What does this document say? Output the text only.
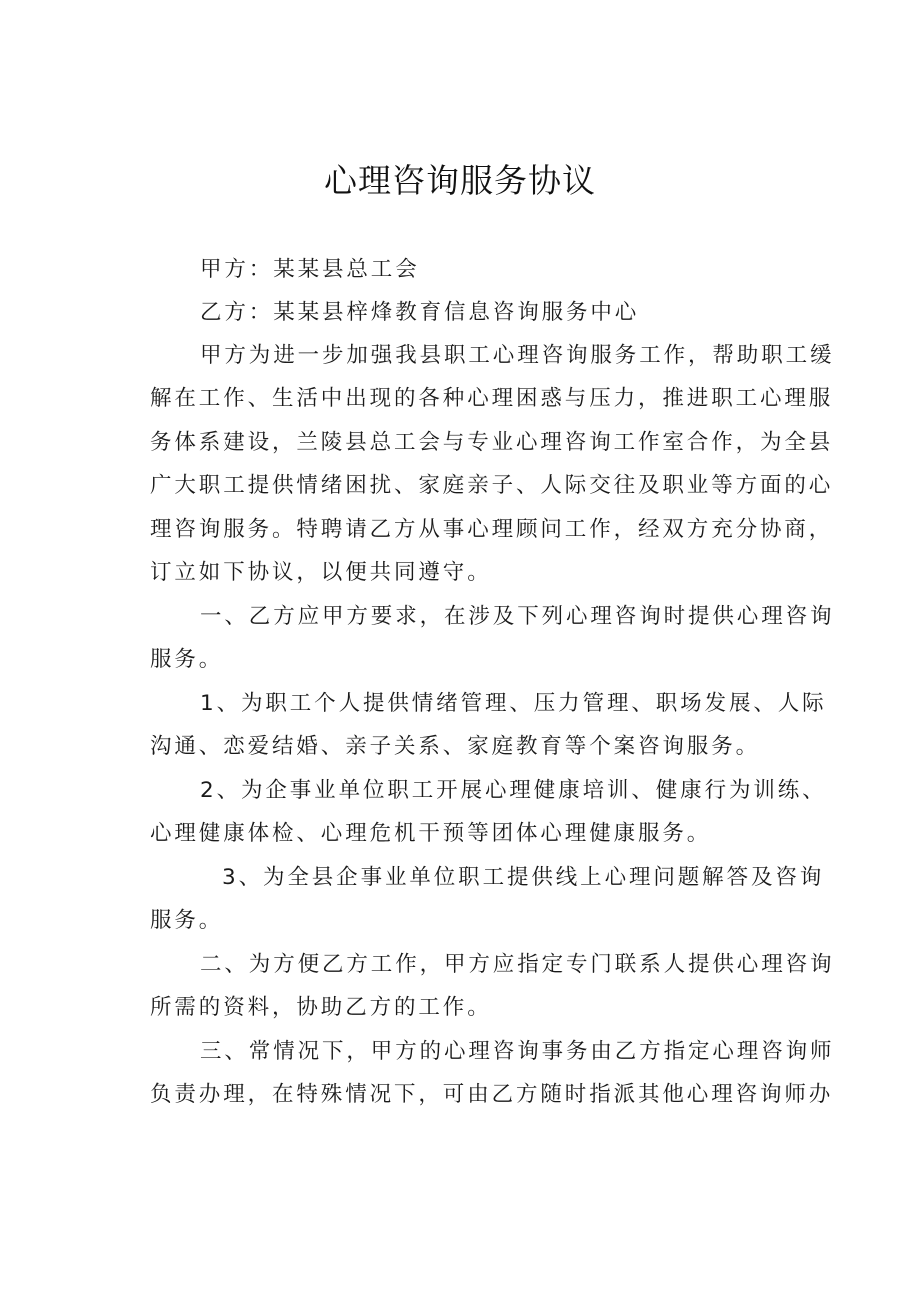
心理咨询服务协议
甲方：某某县总工会
乙方：某某县梓烽教育信息咨询服务中心
甲方为进一步加强我县职工心理咨询服务工作，帮助职工缓
解在工作、生活中出现的各种心理困惑与压力，推进职工心理服
务体系建设，兰陵县总工会与专业心理咨询工作室合作，为全县
广大职工提供情绪困扰、家庭亲子、人际交往及职业等方面的心
理咨询服务。特聘请乙方从事心理顾问工作，经双方充分协商，
订立如下协议，以便共同遵守。
一、乙方应甲方要求，在涉及下列心理咨询时提供心理咨询
服务。
1、为职工个人提供情绪管理、压力管理、职场发展、人际
沟通、恋爱结婚、亲子关系、家庭教育等个案咨询服务。
2、为企事业单位职工开展心理健康培训、健康行为训练、
心理健康体检、心理危机干预等团体心理健康服务。
3、为全县企事业单位职工提供线上心理问题解答及咨询
服务。
二、为方便乙方工作，甲方应指定专门联系人提供心理咨询
所需的资料，协助乙方的工作。
三、常情况下，甲方的心理咨询事务由乙方指定心理咨询师
负责办理，在特殊情况下，可由乙方随时指派其他心理咨询师办
